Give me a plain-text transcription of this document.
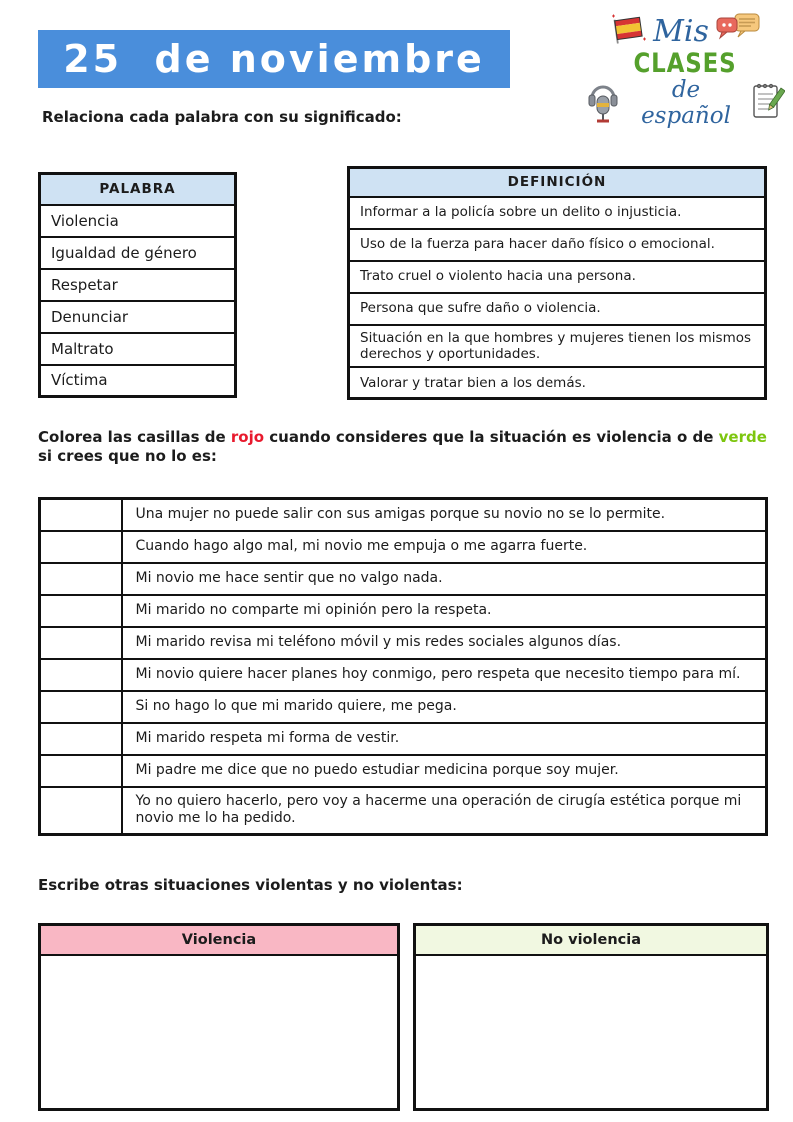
25  de noviembre
Mis
CLASES
de español
Relaciona cada palabra con su significado:
PALABRA
Violencia
Igualdad de género
Respetar
Denunciar
Maltrato
Víctima
DEFINICIÓN
Informar a la policía sobre un delito o injusticia.
Uso de la fuerza para hacer daño físico o emocional.
Trato cruel o violento hacia una persona.
Persona que sufre daño o violencia.
Situación en la que hombres y mujeres tienen los mismos derechos y oportunidades.
Valorar y tratar bien a los demás.
Colorea las casillas de rojo cuando consideres que la situación es violencia o de verde si crees que no lo es:
	Una mujer no puede salir con sus amigas porque su novio no se lo permite.
	Cuando hago algo mal, mi novio me empuja o me agarra fuerte.
	Mi novio me hace sentir que no valgo nada.
	Mi marido no comparte mi opinión pero la respeta.
	Mi marido revisa mi teléfono móvil y mis redes sociales algunos días.
	Mi novio quiere hacer planes hoy conmigo, pero respeta que necesito tiempo para mí.
	Si no hago lo que mi marido quiere, me pega.
	Mi marido respeta mi forma de vestir.
	Mi padre me dice que no puedo estudiar medicina porque soy mujer.
	Yo no quiero hacerlo, pero voy a hacerme una operación de cirugía estética porque mi novio me lo ha pedido.
Escribe otras situaciones violentas y no violentas:
Violencia	No violencia
